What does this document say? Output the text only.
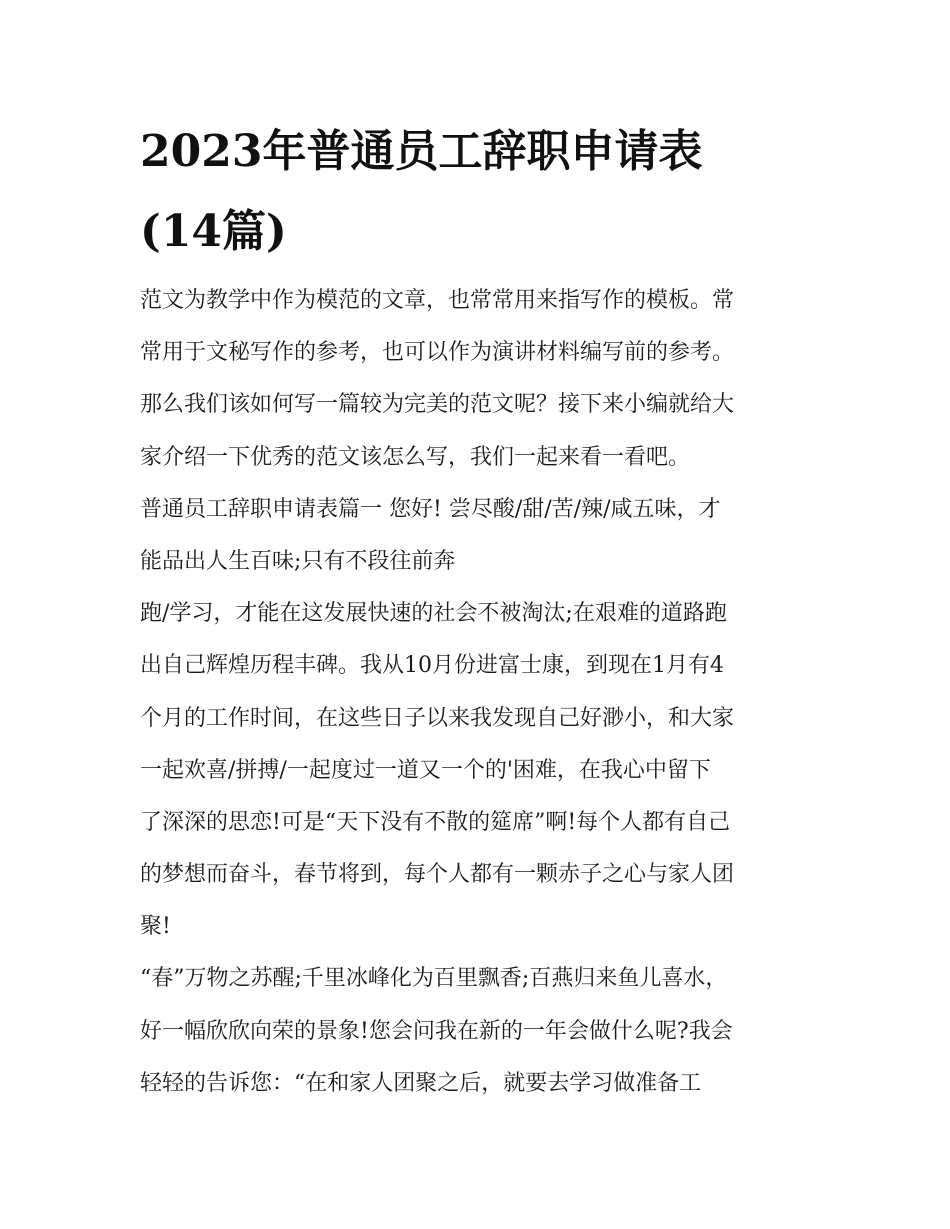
2023年普通员工辞职申请表
(14篇)
范文为教学中作为模范的文章，也常常用来指写作的模板。常
常用于文秘写作的参考，也可以作为演讲材料编写前的参考。
那么我们该如何写一篇较为完美的范文呢？接下来小编就给大
家介绍一下优秀的范文该怎么写，我们一起来看一看吧。
普通员工辞职申请表篇一 您好! 尝尽酸/甜/苦/辣/咸五味，才
能品出人生百味;只有不段往前奔
跑/学习，才能在这发展快速的社会不被淘汰;在艰难的道路跑
出自己辉煌历程丰碑。我从10月份进富士康，到现在1月有4
个月的工作时间，在这些日子以来我发现自己好渺小，和大家
一起欢喜/拼搏/一起度过一道又一个的'困难，在我心中留下
了深深的思恋!可是“天下没有不散的筵席”啊!每个人都有自己
的梦想而奋斗，春节将到，每个人都有一颗赤子之心与家人团
聚!
“春”万物之苏醒;千里冰峰化为百里飘香;百燕归来鱼儿喜水，
好一幅欣欣向荣的景象!您会问我在新的一年会做什么呢?我会
轻轻的告诉您：“在和家人团聚之后，就要去学习做准备工
